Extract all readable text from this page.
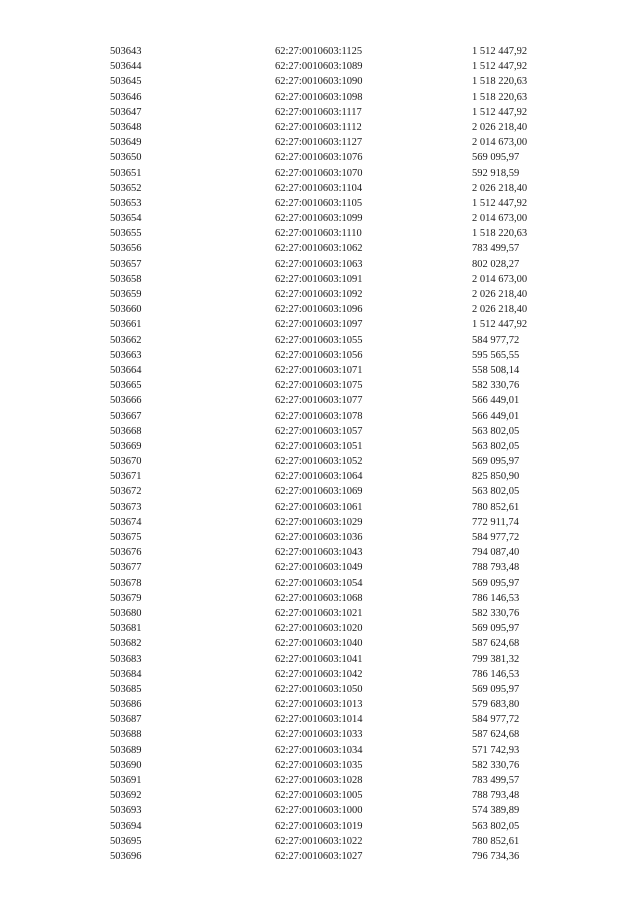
503643	62:27:0010603:1125	1 512 447,92
503644	62:27:0010603:1089	1 512 447,92
503645	62:27:0010603:1090	1 518 220,63
503646	62:27:0010603:1098	1 518 220,63
503647	62:27:0010603:1117	1 512 447,92
503648	62:27:0010603:1112	2 026 218,40
503649	62:27:0010603:1127	2 014 673,00
503650	62:27:0010603:1076	569 095,97
503651	62:27:0010603:1070	592 918,59
503652	62:27:0010603:1104	2 026 218,40
503653	62:27:0010603:1105	1 512 447,92
503654	62:27:0010603:1099	2 014 673,00
503655	62:27:0010603:1110	1 518 220,63
503656	62:27:0010603:1062	783 499,57
503657	62:27:0010603:1063	802 028,27
503658	62:27:0010603:1091	2 014 673,00
503659	62:27:0010603:1092	2 026 218,40
503660	62:27:0010603:1096	2 026 218,40
503661	62:27:0010603:1097	1 512 447,92
503662	62:27:0010603:1055	584 977,72
503663	62:27:0010603:1056	595 565,55
503664	62:27:0010603:1071	558 508,14
503665	62:27:0010603:1075	582 330,76
503666	62:27:0010603:1077	566 449,01
503667	62:27:0010603:1078	566 449,01
503668	62:27:0010603:1057	563 802,05
503669	62:27:0010603:1051	563 802,05
503670	62:27:0010603:1052	569 095,97
503671	62:27:0010603:1064	825 850,90
503672	62:27:0010603:1069	563 802,05
503673	62:27:0010603:1061	780 852,61
503674	62:27:0010603:1029	772 911,74
503675	62:27:0010603:1036	584 977,72
503676	62:27:0010603:1043	794 087,40
503677	62:27:0010603:1049	788 793,48
503678	62:27:0010603:1054	569 095,97
503679	62:27:0010603:1068	786 146,53
503680	62:27:0010603:1021	582 330,76
503681	62:27:0010603:1020	569 095,97
503682	62:27:0010603:1040	587 624,68
503683	62:27:0010603:1041	799 381,32
503684	62:27:0010603:1042	786 146,53
503685	62:27:0010603:1050	569 095,97
503686	62:27:0010603:1013	579 683,80
503687	62:27:0010603:1014	584 977,72
503688	62:27:0010603:1033	587 624,68
503689	62:27:0010603:1034	571 742,93
503690	62:27:0010603:1035	582 330,76
503691	62:27:0010603:1028	783 499,57
503692	62:27:0010603:1005	788 793,48
503693	62:27:0010603:1000	574 389,89
503694	62:27:0010603:1019	563 802,05
503695	62:27:0010603:1022	780 852,61
503696	62:27:0010603:1027	796 734,36
